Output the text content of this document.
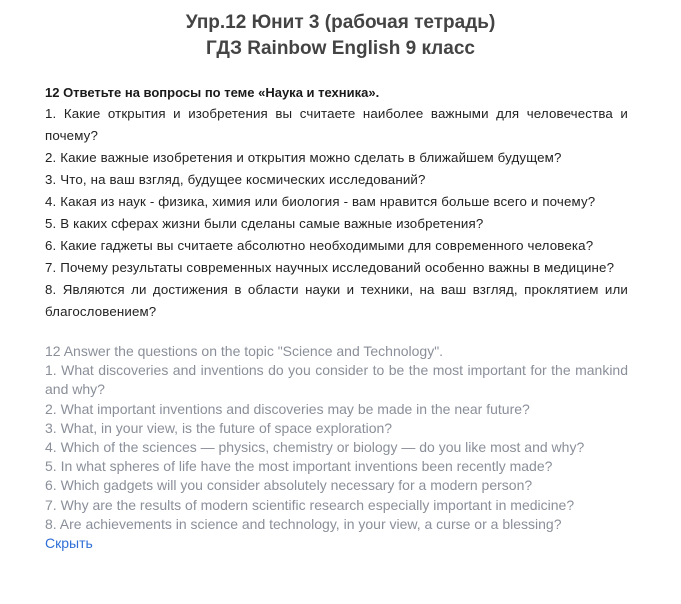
Упр.12 Юнит 3 (рабочая тетрадь)
ГДЗ Rainbow English 9 класс
12 Ответьте на вопросы по теме «Наука и техника».
1. Какие открытия и изобретения вы считаете наиболее важными для человечества и почему?
2. Какие важные изобретения и открытия можно сделать в ближайшем будущем?
3. Что, на ваш взгляд, будущее космических исследований?
4. Какая из наук - физика, химия или биология - вам нравится больше всего и почему?
5. В каких сферах жизни были сделаны самые важные изобретения?
6. Какие гаджеты вы считаете абсолютно необходимыми для современного человека?
7. Почему результаты современных научных исследований особенно важны в медицине?
8. Являются ли достижения в области науки и техники, на ваш взгляд, проклятием или благословением?
12 Answer the questions on the topic "Science and Technology".
1. What discoveries and inventions do you consider to be the most important for the mankind and why?
2. What important inventions and discoveries may be made in the near future?
3. What, in your view, is the future of space exploration?
4. Which of the sciences — physics, chemistry or biology — do you like most and why?
5. In what spheres of life have the most important inventions been recently made?
6. Which gadgets will you consider absolutely necessary for a modern person?
7. Why are the results of modern scientific research especially important in medicine?
8. Are achievements in science and technology, in your view, a curse or a blessing?
Скрыть
